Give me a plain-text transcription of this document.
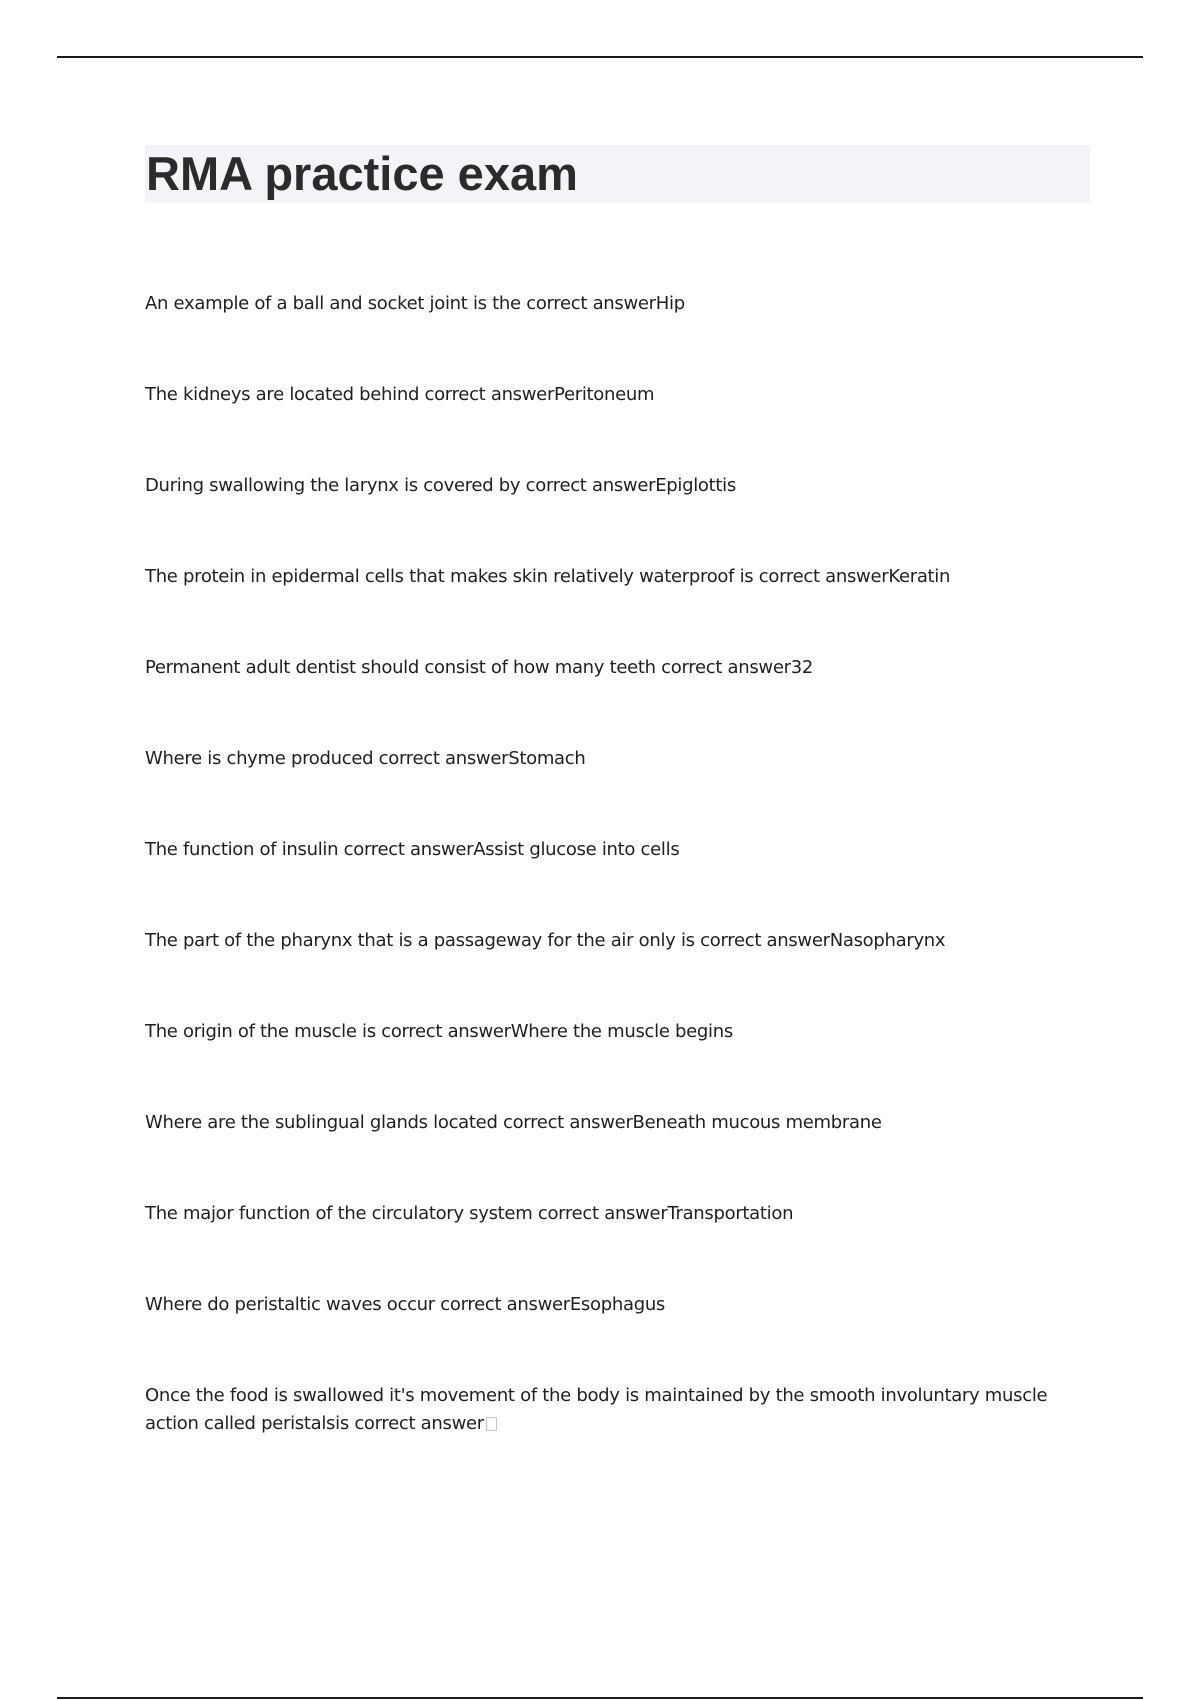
RMA practice exam
An example of a ball and socket joint is the correct answerHip
The kidneys are located behind correct answerPeritoneum
During swallowing the larynx is covered by correct answerEpiglottis
The protein in epidermal cells that makes skin relatively waterproof is correct answerKeratin
Permanent adult dentist should consist of how many teeth correct answer32
Where is chyme produced correct answerStomach
The function of insulin correct answerAssist glucose into cells
The part of the pharynx that is a passageway for the air only is correct answerNasopharynx
The origin of the muscle is correct answerWhere the muscle begins
Where are the sublingual glands located correct answerBeneath mucous membrane
The major function of the circulatory system correct answerTransportation
Where do peristaltic waves occur correct answerEsophagus
Once the food is swallowed it's movement of the body is maintained by the smooth involuntary muscle action called peristalsis correct answer
